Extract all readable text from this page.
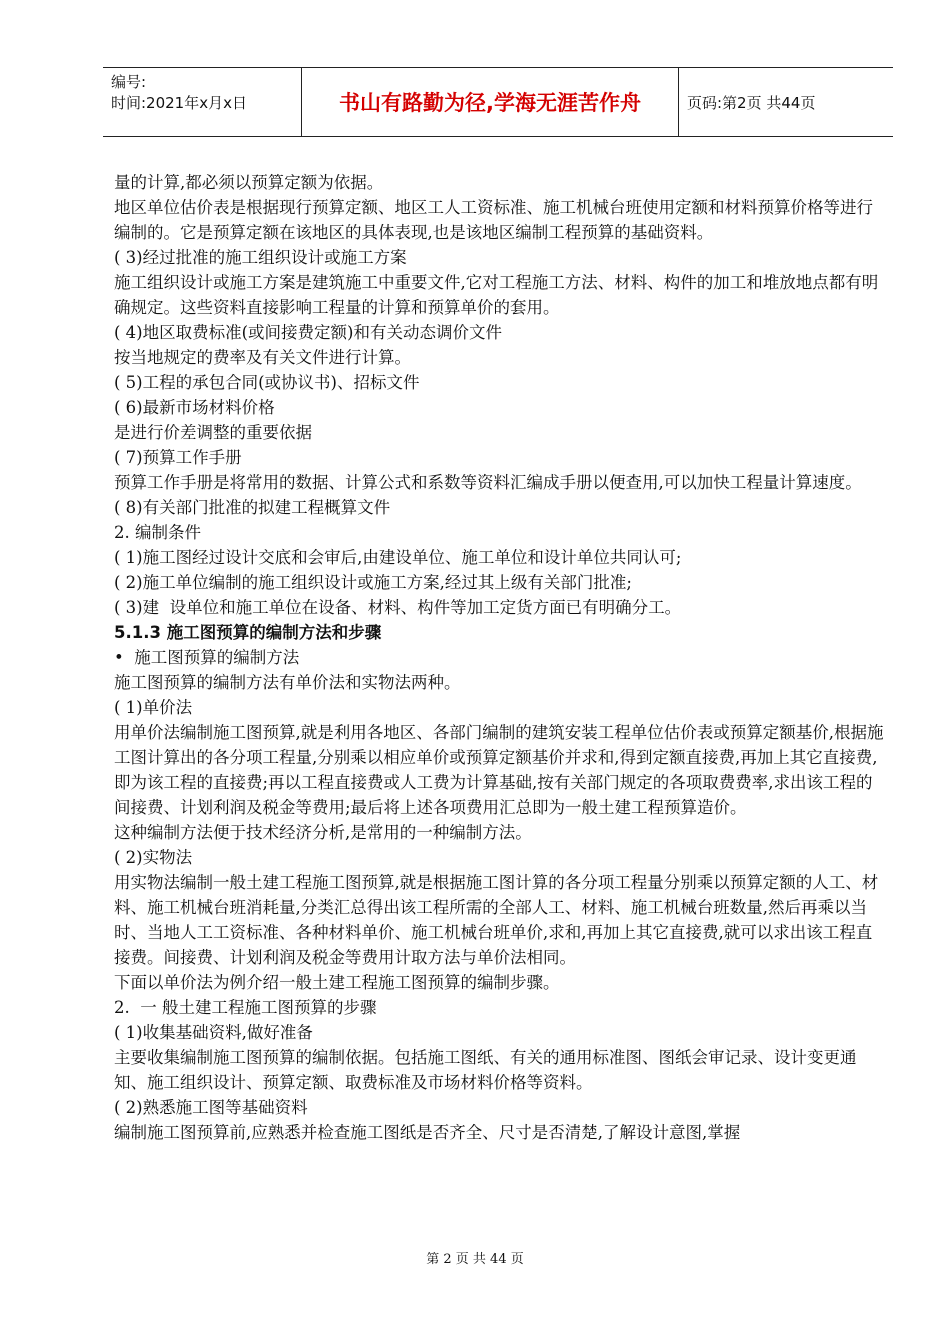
编号:
时间:2021年x月x日	书山有路勤为径,学海无涯苦作舟	页码:第2页 共44页

量的计算,都必须以预算定额为依据。

地区单位估价表是根据现行预算定额、地区工人工资标准、施工机械台班使用定额和材料预算价格等进行编制的。它是预算定额在该地区的具体表现,也是该地区编制工程预算的基础资料。

( 3)经过批准的施工组织设计或施工方案

施工组织设计或施工方案是建筑施工中重要文件,它对工程施工方法、材料、构件的加工和堆放地点都有明确规定。这些资料直接影响工程量的计算和预算单价的套用。

( 4)地区取费标准(或间接费定额)和有关动态调价文件

按当地规定的费率及有关文件进行计算。

( 5)工程的承包合同(或协议书)、招标文件

( 6)最新市场材料价格

是进行价差调整的重要依据

( 7)预算工作手册

预算工作手册是将常用的数据、计算公式和系数等资料汇编成手册以便查用,可以加快工程量计算速度。

( 8)有关部门批准的拟建工程概算文件

2. 编制条件

( 1)施工图经过设计交底和会审后,由建设单位、施工单位和设计单位共同认可;

( 2)施工单位编制的施工组织设计或施工方案,经过其上级有关部门批准;

( 3)建  设单位和施工单位在设备、材料、构件等加工定货方面已有明确分工。

5.1.3 施工图预算的编制方法和步骤

•  施工图预算的编制方法

施工图预算的编制方法有单价法和实物法两种。

( 1)单价法

用单价法编制施工图预算,就是利用各地区、各部门编制的建筑安装工程单位估价表或预算定额基价,根据施工图计算出的各分项工程量,分别乘以相应单价或预算定额基价并求和,得到定额直接费,再加上其它直接费,即为该工程的直接费;再以工程直接费或人工费为计算基础,按有关部门规定的各项取费费率,求出该工程的间接费、计划利润及税金等费用;最后将上述各项费用汇总即为一般土建工程预算造价。

这种编制方法便于技术经济分析,是常用的一种编制方法。

( 2)实物法

用实物法编制一般土建工程施工图预算,就是根据施工图计算的各分项工程量分别乘以预算定额的人工、材料、施工机械台班消耗量,分类汇总得出该工程所需的全部人工、材料、施工机械台班数量,然后再乘以当时、当地人工工资标准、各种材料单价、施工机械台班单价,求和,再加上其它直接费,就可以求出该工程直接费。间接费、计划利润及税金等费用计取方法与单价法相同。

下面以单价法为例介绍一般土建工程施工图预算的编制步骤。

2.  一 般土建工程施工图预算的步骤

( 1)收集基础资料,做好准备

主要收集编制施工图预算的编制依据。包括施工图纸、有关的通用标准图、图纸会审记录、设计变更通知、施工组织设计、预算定额、取费标准及市场材料价格等资料。

( 2)熟悉施工图等基础资料

编制施工图预算前,应熟悉并检查施工图纸是否齐全、尺寸是否清楚,了解设计意图,掌握

第 2 页 共 44 页
